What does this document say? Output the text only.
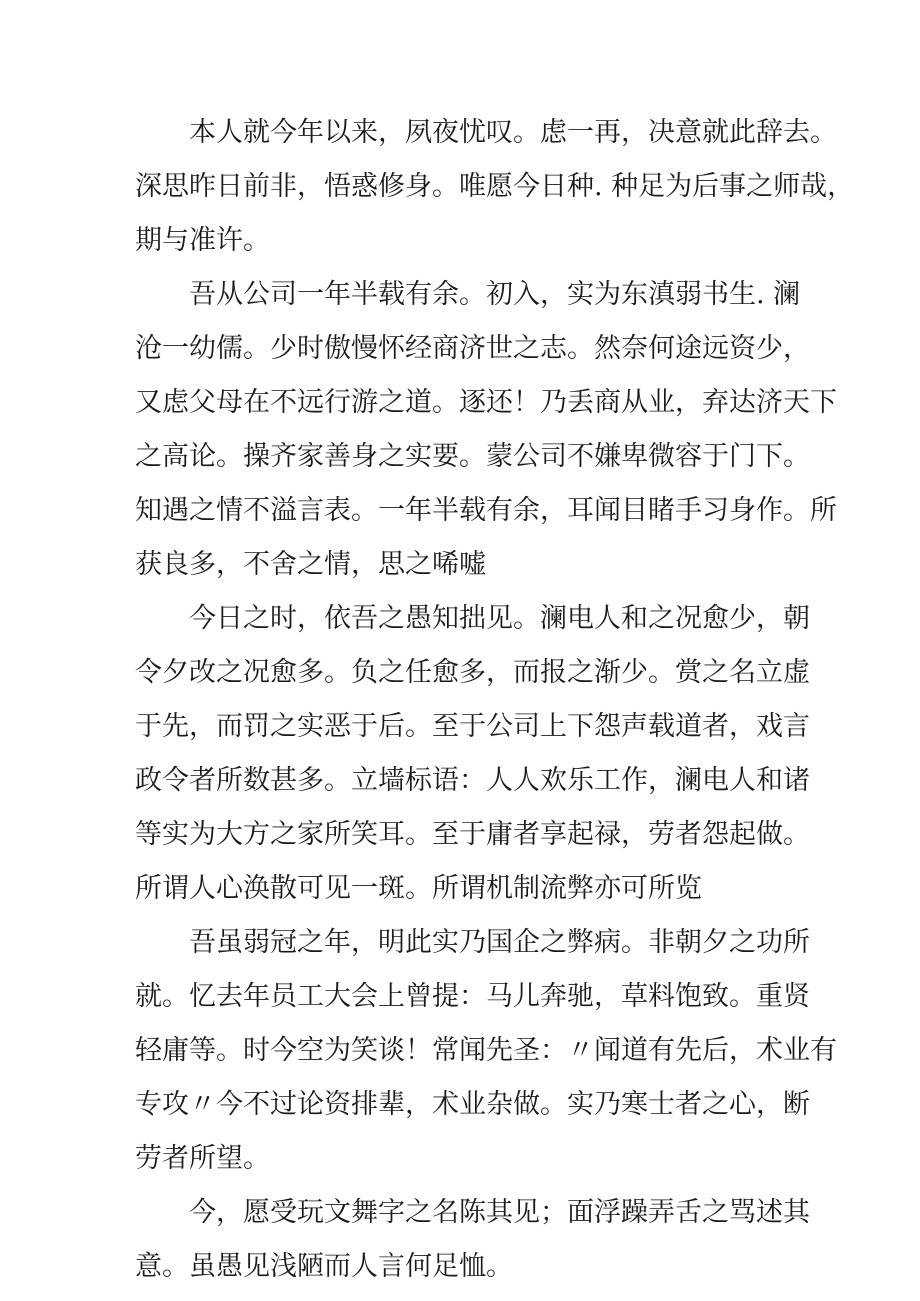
本人就今年以来，夙夜忧叹。虑一再，决意就此辞去。
深思昨日前非，悟惑修身。唯愿今日种. 种足为后事之师哉，
期与准许。
吾从公司一年半载有余。初入，实为东滇弱书生. 澜
沧一幼儒。少时傲慢怀经商济世之志。然奈何途远资少，
又虑父母在不远行游之道。逐还！乃丢商从业，弃达济天下
之高论。操齐家善身之实要。蒙公司不嫌卑微容于门下。
知遇之情不溢言表。一年半载有余，耳闻目睹手习身作。所
获良多，不舍之情，思之唏嘘
今日之时，依吾之愚知拙见。澜电人和之况愈少，朝
令夕改之况愈多。负之任愈多，而报之渐少。赏之名立虚
于先，而罚之实恶于后。至于公司上下怨声载道者，戏言
政令者所数甚多。立墙标语：人人欢乐工作，澜电人和诸
等实为大方之家所笑耳。至于庸者享起禄，劳者怨起做。
所谓人心涣散可见一斑。所谓机制流弊亦可所览
吾虽弱冠之年，明此实乃国企之弊病。非朝夕之功所
就。忆去年员工大会上曾提：马儿奔驰，草料饱致。重贤
轻庸等。时今空为笑谈！常闻先圣：〃闻道有先后，术业有
专攻〃今不过论资排辈，术业杂做。实乃寒士者之心，断
劳者所望。
今，愿受玩文舞字之名陈其见；面浮躁弄舌之骂述其
意。虽愚见浅陋而人言何足恤。
